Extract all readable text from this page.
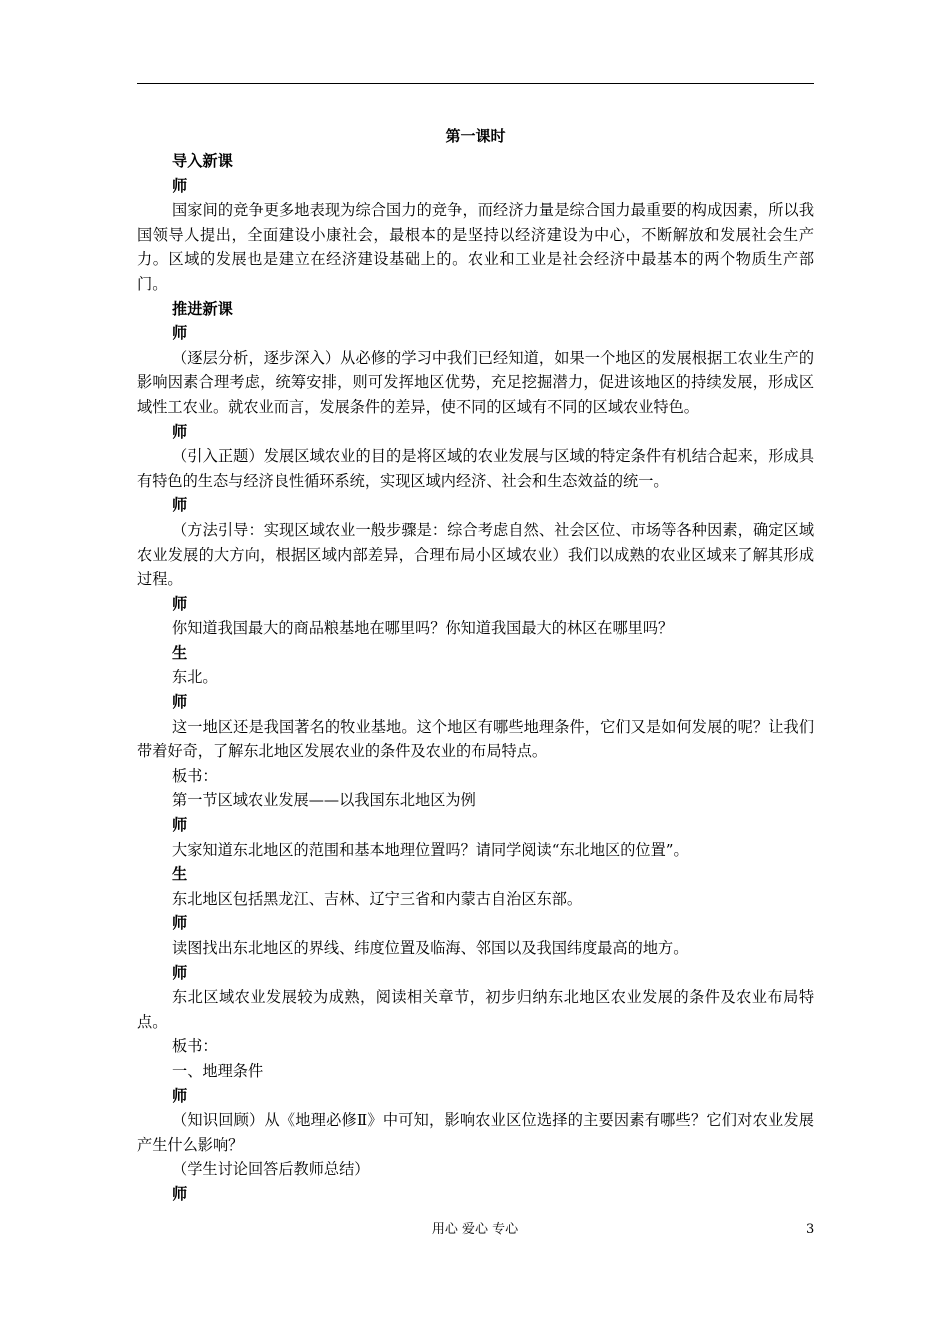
第一课时
导入新课
师
国家间的竞争更多地表现为综合国力的竞争，而经济力量是综合国力最重要的构成因素，所以我国领导人提出，全面建设小康社会，最根本的是坚持以经济建设为中心，不断解放和发展社会生产力。区域的发展也是建立在经济建设基础上的。农业和工业是社会经济中最基本的两个物质生产部门。
推进新课
师
（逐层分析，逐步深入）从必修的学习中我们已经知道，如果一个地区的发展根据工农业生产的影响因素合理考虑，统筹安排，则可发挥地区优势，充足挖掘潜力，促进该地区的持续发展，形成区域性工农业。就农业而言，发展条件的差异，使不同的区域有不同的区域农业特色。
师
（引入正题）发展区域农业的目的是将区域的农业发展与区域的特定条件有机结合起来，形成具有特色的生态与经济良性循环系统，实现区域内经济、社会和生态效益的统一。
师
（方法引导：实现区域农业一般步骤是：综合考虑自然、社会区位、市场等各种因素，确定区域农业发展的大方向，根据区域内部差异，合理布局小区域农业）我们以成熟的农业区域来了解其形成过程。
师
你知道我国最大的商品粮基地在哪里吗？你知道我国最大的林区在哪里吗？
生
东北。
师
这一地区还是我国著名的牧业基地。这个地区有哪些地理条件，它们又是如何发展的呢？让我们带着好奇，了解东北地区发展农业的条件及农业的布局特点。
板书：
第一节区域农业发展——以我国东北地区为例
师
大家知道东北地区的范围和基本地理位置吗？请同学阅读“东北地区的位置”。
生
东北地区包括黑龙江、吉林、辽宁三省和内蒙古自治区东部。
师
读图找出东北地区的界线、纬度位置及临海、邻国以及我国纬度最高的地方。
师
东北区域农业发展较为成熟，阅读相关章节，初步归纳东北地区农业发展的条件及农业布局特点。
板书：
一、地理条件
师
（知识回顾）从《地理必修Ⅱ》中可知，影响农业区位选择的主要因素有哪些？它们对农业发展产生什么影响？
（学生讨论回答后教师总结）
师
用心 爱心 专心	3
